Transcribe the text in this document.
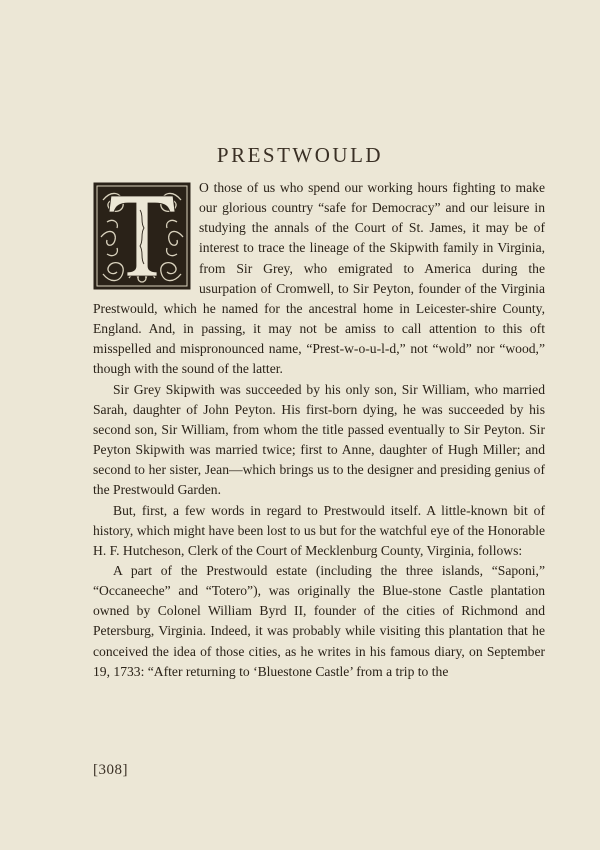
PRESTWOULD

O those of us who spend our working hours fighting to make our glorious country “safe for Democracy” and our leisure in studying the annals of the Court of St. James, it may be of interest to trace the lineage of the Skipwith family in Virginia, from Sir Grey, who emigrated to America during the usurpation of Cromwell, to Sir Peyton, founder of the Virginia Prestwould, which he named for the ancestral home in Leicester-shire County, England. And, in passing, it may not be amiss to call attention to this oft misspelled and mispronounced name, “Prest-w-o-u-l-d,” not “wold” nor “wood,” though with the sound of the latter.

Sir Grey Skipwith was succeeded by his only son, Sir William, who married Sarah, daughter of John Peyton. His first-born dying, he was succeeded by his second son, Sir William, from whom the title passed eventually to Sir Peyton. Sir Peyton Skipwith was married twice; first to Anne, daughter of Hugh Miller; and second to her sister, Jean—which brings us to the designer and presiding genius of the Prestwould Garden.

But, first, a few words in regard to Prestwould itself. A little-known bit of history, which might have been lost to us but for the watchful eye of the Honorable H. F. Hutcheson, Clerk of the Court of Mecklenburg County, Virginia, follows:

A part of the Prestwould estate (including the three islands, “Saponi,” “Occaneeche” and “Totero”), was originally the Blue-stone Castle plantation owned by Colonel William Byrd II, founder of the cities of Richmond and Petersburg, Virginia. Indeed, it was probably while visiting this plantation that he conceived the idea of those cities, as he writes in his famous diary, on September 19, 1733: “After returning to ‘Bluestone Castle’ from a trip to the

[308]
